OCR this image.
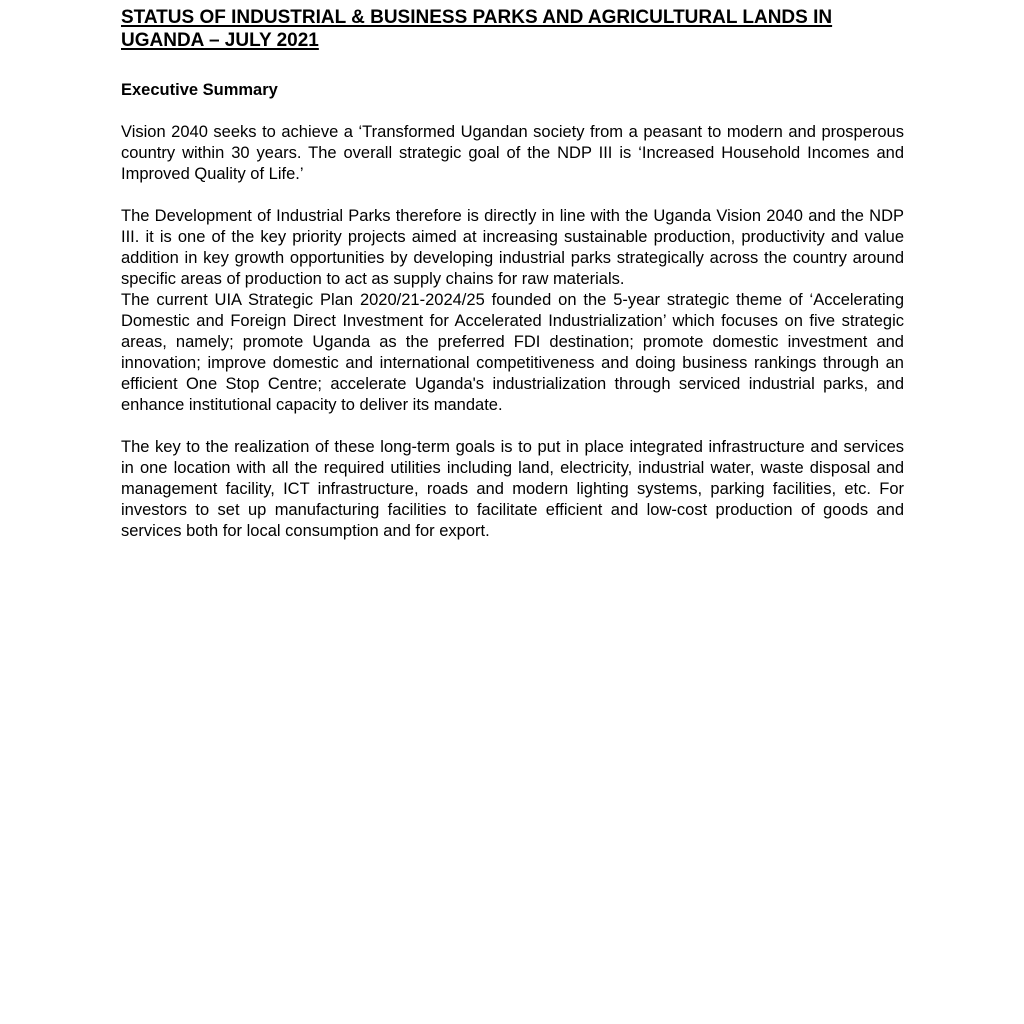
STATUS OF INDUSTRIAL & BUSINESS PARKS AND AGRICULTURAL LANDS IN UGANDA – JULY 2021
Executive Summary

Vision 2040 seeks to achieve a ‘Transformed Ugandan society from a peasant to modern and prosperous country within 30 years. The overall strategic goal of the NDP III is ‘Increased Household Incomes and Improved Quality of Life.’

The Development of Industrial Parks therefore is directly in line with the Uganda Vision 2040 and the NDP III. it is one of the key priority projects aimed at increasing sustainable production, productivity and value addition in key growth opportunities by developing industrial parks strategically across the country around specific areas of production to act as supply chains for raw materials.

The current UIA Strategic Plan 2020/21-2024/25 founded on the 5-year strategic theme of ‘Accelerating Domestic and Foreign Direct Investment for Accelerated Industrialization’ which focuses on five strategic areas, namely; promote Uganda as the preferred FDI destination; promote domestic investment and innovation; improve domestic and international competitiveness and doing business rankings through an efficient One Stop Centre; accelerate Uganda's industrialization through serviced industrial parks, and enhance institutional capacity to deliver its mandate.

The key to the realization of these long-term goals is to put in place integrated infrastructure and services in one location with all the required utilities including land, electricity, industrial water, waste disposal and management facility, ICT infrastructure, roads and modern lighting systems, parking facilities, etc. For investors to set up manufacturing facilities to facilitate efficient and low-cost production of goods and services both for local consumption and for export.
